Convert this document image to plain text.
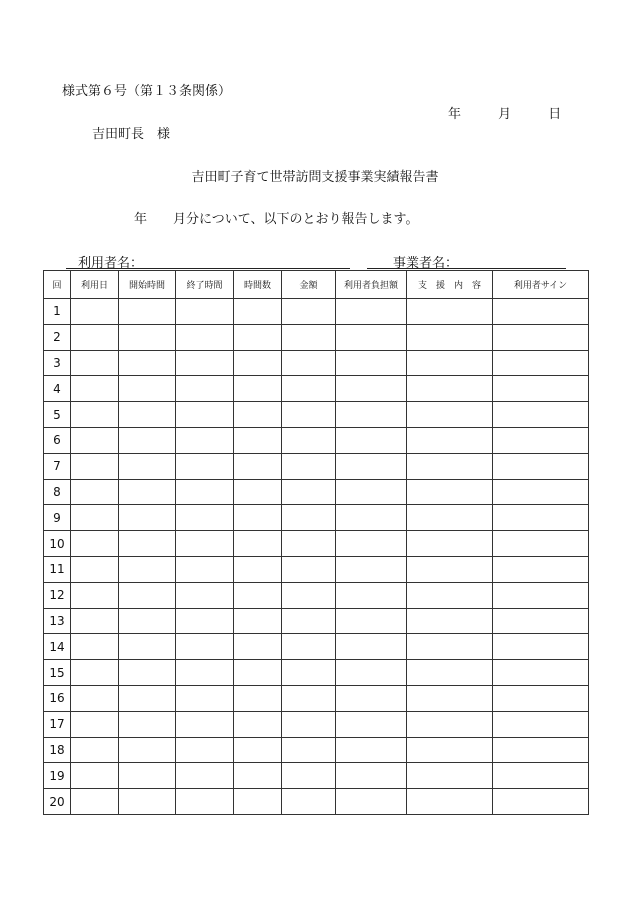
様式第６号（第１３条関係）
年	月	日
吉田町長　様
吉田町子育て世帯訪問支援事業実績報告書
年　　月分について、以下のとおり報告します。
利用者名：	事業者名：
回	利用日	開始時間	終了時間	時間数	金額	利用者負担額	支　援　内　容	利用者サイン
1								
2								
3								
4								
5								
6								
7								
8								
9								
10								
11								
12								
13								
14								
15								
16								
17								
18								
19								
20								
